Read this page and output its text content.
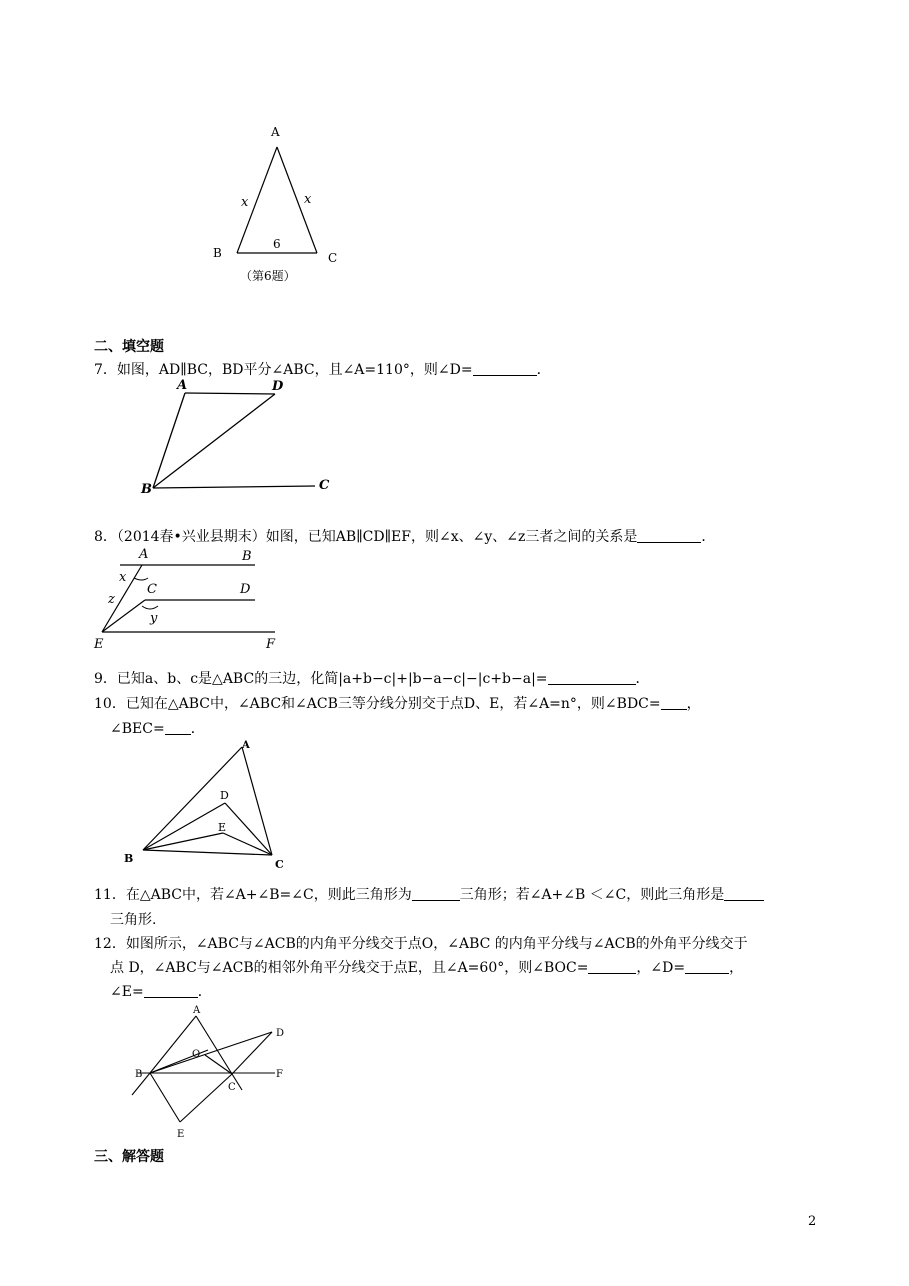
A
B	C
x	x
6
（第6题）
二、填空题
7．如图，AD∥BC，BD平分∠ABC，且∠A=110°，则∠D=	．
A	D
B	C
8．（2014春•兴业县期末）如图，已知AB∥CD∥EF，则∠x、∠y、∠z三者之间的关系是	．
A	B
C	D
E	F
x
y
z
9．已知a、b、c是△ABC的三边，化简|a+b−c|+|b−a−c|−|c+b−a|=	．
10．已知在△ABC中，∠ABC和∠ACB三等分线分别交于点D、E，若∠A=n°，则∠BDC= ，
∠BEC= ．
A
D
E
B	C
11．在△ABC中，若∠A+∠B=∠C，则此三角形为	三角形；若∠A+∠B ＜∠C，则此三角形是
三角形.
12．如图所示，∠ABC与∠ACB的内角平分线交于点O，∠ABC 的内角平分线与∠ACB的外角平分线交于
点 D，∠ABC与∠ACB的相邻外角平分线交于点E，且∠A=60°，则∠BOC=	，∠D=	，
∠E=	．
A
D
O
B	F
C
E
三、解答题
2
